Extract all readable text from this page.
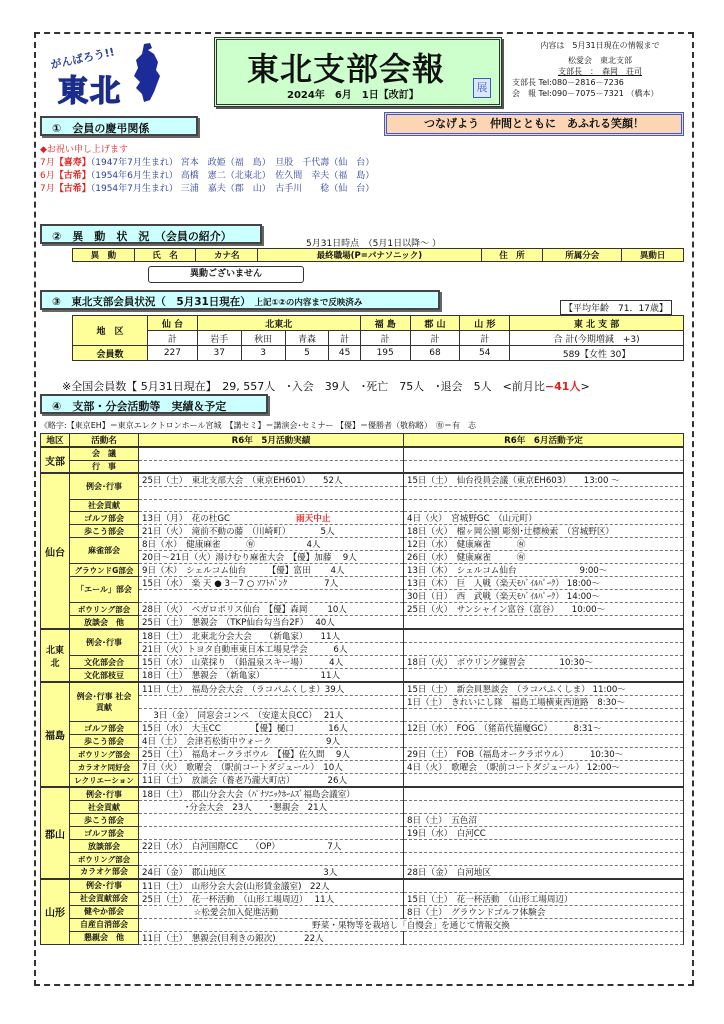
がんばろう!!
東北
東北支部会報
2024年　6月　1日【改訂】
展
内容は　5月31日現在の情報まで
松愛会　東北支部
支部長　：　森岡　荘司
支部長 Tel:080－2816－7236
会　報 Tel:090－7075－7321 （橋本）
①　会員の慶弔関係	つなげよう　仲間とともに　あふれる笑顔！
◆お祝い申し上げます
7月【喜寿】（1947年7月生まれ） 宮本　政姫（福　島）　旦股　千代壽（仙　台）
6月【古希】（1954年6月生まれ） 高橋　憲二（北東北）　佐久間　幸夫（福　島）
7月【古希】（1954年7月生まれ） 三浦　嘉夫（郡　山）　古手川　　稔（仙　台）
②　異　動　状　況　（会員の紹介）
5月31日時点　（5月1日以降～ ）
異　動	氏　名	カナ名	最終職場(P=パナソニック)	住　所	所属分会	異動日
異動ございません
③　東北支部会員状況（　5月31日現在） 上記①②の内容まで反映済み
【平均年齢　71．17歳】
地　区	仙 台	北東北				福 島	郡 山	山 形	東 北 支 部
	計	岩手	秋田	青森	計	計	計	計	合 計(今期増減　+3)
会員数	227	37	3	5	45	195	68	54	589【女性 30】
※全国会員数【 5月31日現在】　29, 557人　･入会　39人　･死亡　75人　･退会　5人　<前月比−41人>
④　支部・分会活動等　実績＆予定
《略字:【東京EH】＝東京エレクトロンホール宮城　【講セミ】＝講演会･セミナー 【優】＝優勝者（敬称略）　㊒＝有　志
地区	活動名	R6年　5月活動実績	R6年　6月活動予定
支部	会　議		
	行　事		
仙台	例会･行事	25日（土）　東北支部大会　（東京EH601）　　52人	15日（土）　仙台役員会議（東京EH603）　　13:00 ～

	社会貢献		
	ゴルフ部会	13日（月）　花の杜GC 雨天中止	4日（火）　宮城野GC　（山元町）
	歩こう部会	21日（火）　滝前不動の藤　（川崎町）　　　　5人	18日（火）　榴ヶ岡公園 彫刻･辻標検索　（宮城野区）
	麻雀部会	8日（水）　健康麻雀　　　㊒　　　　　　4人	12日（水）　健康麻雀　　　㊒
		20日～21日（火）湯けむり麻雀大会　【優】加藤　 9人	26日（水）　健康麻雀　　　㊒
	グラウンドG部会	9日（木）　シェルコム仙台　　　【優】富田　　 4人	13日（木）　シェルコム仙台　　　　　　　 9:00～
	「エール」部会	15日（水）　楽 天 ● 3－7 ○ ｿﾌﾄﾊﾞﾝｸ　　　　 7人	13日（木）　巨　人戦（楽天ﾓﾊﾞｲﾙﾊﾟｰｸ） 18:00～
			30日（日）　西　武戦（楽天ﾓﾊﾞｲﾙﾊﾟｰｸ） 14:00～
	ボウリング部会	28日（火）　ベガロポリス仙台　【優】森岡　　 10人	25日（火）　サンシャイン富谷（富谷）　　10:00～
	放談会　他	25日（土）　懇親会　（TKP仙台勾当台2F）　 40人	
北東北	例会･行事	18日（土）　北東北分会大会　　（新亀家）　　11人	
		21日（火）トヨタ自動車東日本工場見学会　　　6人	
	文化部会合	15日（水）　山菜採り　（鉛温泉スキー場）　　　4人	18日（火）　ボウリング練習会　　　　10:30～
	文化部枝豆	18日（土）　懇親会　（新亀家）　　　　　　　11人	
福島	例会･行事 社会貢献	11日（土）　福島分会大会　（ラコパふくしま）39人	15日（土）　新会員懇談会　（ラコパふくしま） 11:00～
			1日（土）　きれいにし隊　福島工場横東西道路　8:30～
		　 3日（金）　同窓会コンペ　（安達太良CC）　 21人	
	ゴルフ部会	15日（水）　大玉CC　　　　【優】樋口　　　　16人	12日（水）　FOG　（猪苗代猫魔GC）　　　8:31～
	歩こう部会	4日（土）　会津若松街中ウォーク　　　　　　 9人	
	ボウリング部会	25日（土）　福島オークラボウル　【優】佐久間　 9人	29日（土）　FOB（福島オークラボウル）　　　10:30～
	カラオケ同好会	7日（火）　歌曜会　（駅前コートダジュール）　10人	4日（火）　歌曜会　（駅前コートダジュール） 12:00～
	レクリエーション	11日（土）　放談会（養老乃瀧大町店）　　　　 26人	
郡山	例会･行事	18日（土）　郡山分会大会（ﾊﾟﾅｿﾆｯｸﾎｰﾑｽﾞ福島会議室）	
	社会貢献	　　　　　･分会大会　23人　　･懇親会　21人	
	歩こう部会		8日（土）　五色沼
	ゴルフ部会		19日（水）　白河CC
	放談部会	22日（水）　白河国際CC　　（OP）　　　　　　7人	
	ボウリング部会		
	カラオケ部会	24日（金）　郡山地区　　　　　　　　　　　 3人	28日（金）　白河地区
山形	例会･行事	11日（土）　山形分会大会(山形賃金議室)　22人	
	社会貢献部会	25日（土）　花一杯活動　（山形工場周辺）　 11人	15日（土）　花一杯活動　（山形工場周辺）
	健やか部会	　　　　　　☆松愛会加入促進活動	8日（土）　グラウンドゴルフ体験会
	自産自消部会	野菜・果物等を栽培し「自慢会」を通じて情報交換	
	懇親会　他	11日（土）　懇親会(目利きの銀次)　　　 22人	
